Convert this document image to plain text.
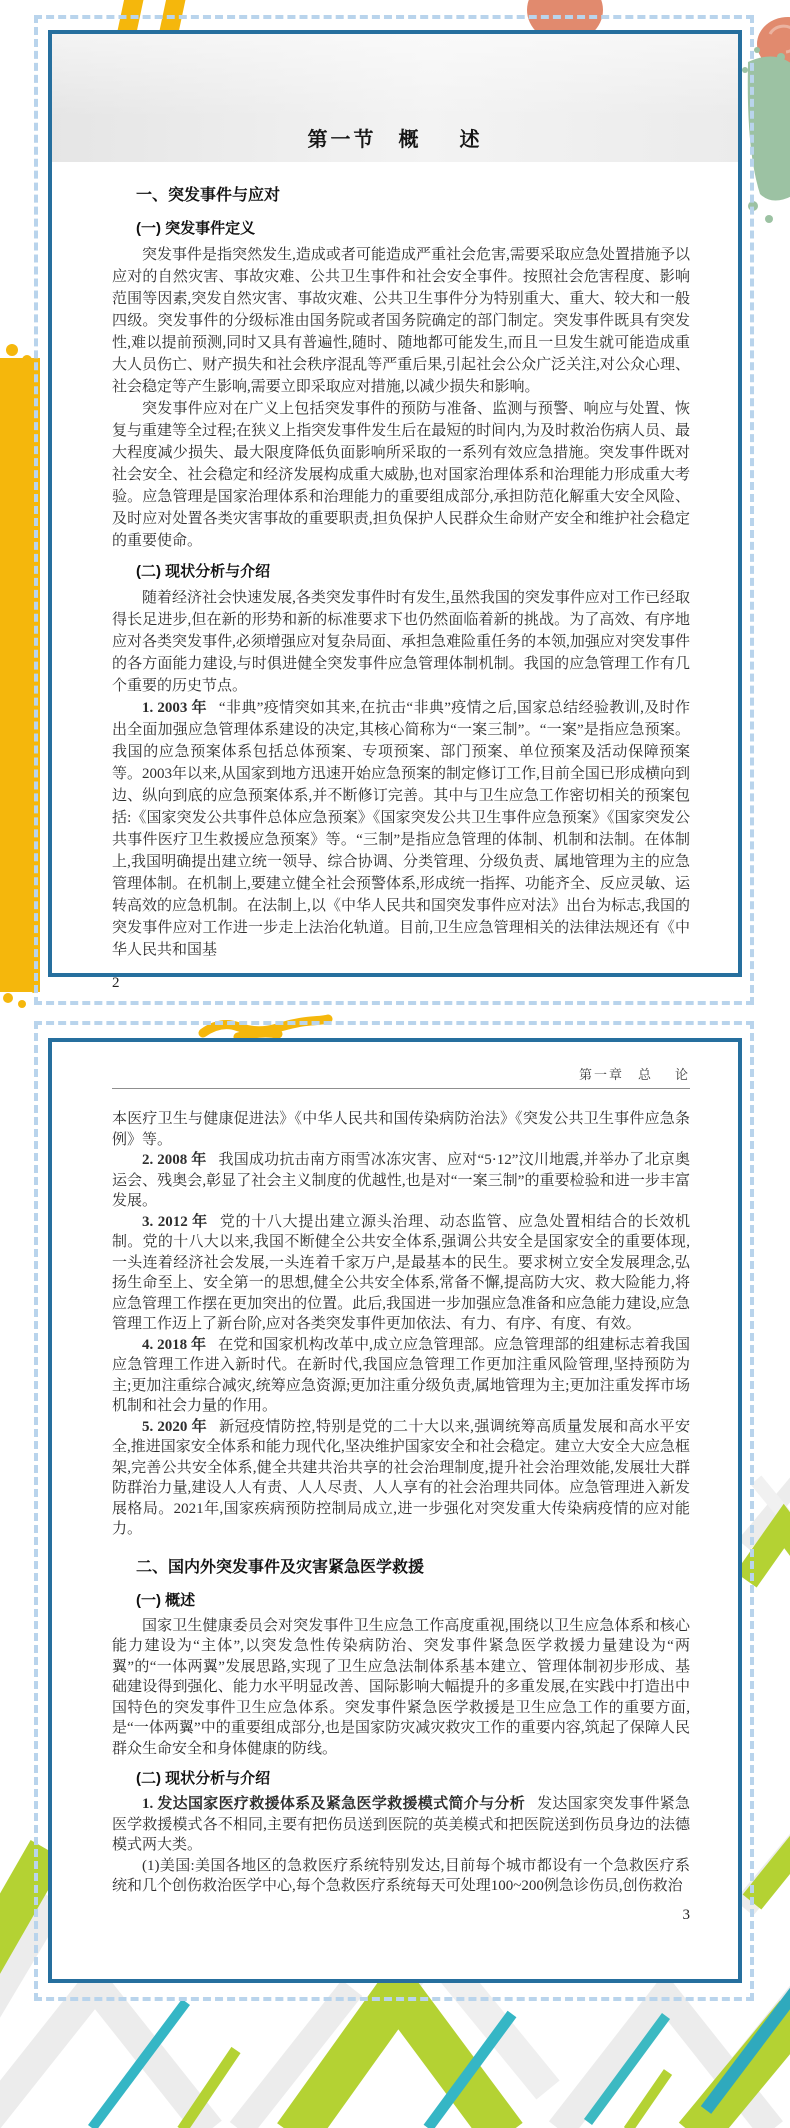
第一节 概 述
一、突发事件与应对
(一) 突发事件定义

突发事件是指突然发生,造成或者可能造成严重社会危害,需要采取应急处置措施予以应对的自然灾害、事故灾难、公共卫生事件和社会安全事件。按照社会危害程度、影响范围等因素,突发自然灾害、事故灾难、公共卫生事件分为特别重大、重大、较大和一般四级。突发事件的分级标准由国务院或者国务院确定的部门制定。突发事件既具有突发性,难以提前预测,同时又具有普遍性,随时、随地都可能发生,而且一旦发生就可能造成重大人员伤亡、财产损失和社会秩序混乱等严重后果,引起社会公众广泛关注,对公众心理、社会稳定等产生影响,需要立即采取应对措施,以减少损失和影响。

突发事件应对在广义上包括突发事件的预防与准备、监测与预警、响应与处置、恢复与重建等全过程;在狭义上指突发事件发生后在最短的时间内,为及时救治伤病人员、最大程度减少损失、最大限度降低负面影响所采取的一系列有效应急措施。突发事件既对社会安全、社会稳定和经济发展构成重大威胁,也对国家治理体系和治理能力形成重大考验。应急管理是国家治理体系和治理能力的重要组成部分,承担防范化解重大安全风险、及时应对处置各类灾害事故的重要职责,担负保护人民群众生命财产安全和维护社会稳定的重要使命。

(二) 现状分析与介绍

随着经济社会快速发展,各类突发事件时有发生,虽然我国的突发事件应对工作已经取得长足进步,但在新的形势和新的标准要求下也仍然面临着新的挑战。为了高效、有序地应对各类突发事件,必须增强应对复杂局面、承担急难险重任务的本领,加强应对突发事件的各方面能力建设,与时俱进健全突发事件应急管理体制机制。我国的应急管理工作有几个重要的历史节点。

1. 2003 年 “非典”疫情突如其来,在抗击“非典”疫情之后,国家总结经验教训,及时作出全面加强应急管理体系建设的决定,其核心简称为“一案三制”。“一案”是指应急预案。我国的应急预案体系包括总体预案、专项预案、部门预案、单位预案及活动保障预案等。2003年以来,从国家到地方迅速开始应急预案的制定修订工作,目前全国已形成横向到边、纵向到底的应急预案体系,并不断修订完善。其中与卫生应急工作密切相关的预案包括:《国家突发公共事件总体应急预案》《国家突发公共卫生事件应急预案》《国家突发公共事件医疗卫生救援应急预案》等。“三制”是指应急管理的体制、机制和法制。在体制上,我国明确提出建立统一领导、综合协调、分类管理、分级负责、属地管理为主的应急管理体制。在机制上,要建立健全社会预警体系,形成统一指挥、功能齐全、反应灵敏、运转高效的应急机制。在法制上,以《中华人民共和国突发事件应对法》出台为标志,我国的突发事件应对工作进一步走上法治化轨道。目前,卫生应急管理相关的法律法规还有《中华人民共和国基

2
第一章 总 论

本医疗卫生与健康促进法》《中华人民共和国传染病防治法》《突发公共卫生事件应急条例》等。

2. 2008 年 我国成功抗击南方雨雪冰冻灾害、应对“5·12”汶川地震,并举办了北京奥运会、残奥会,彰显了社会主义制度的优越性,也是对“一案三制”的重要检验和进一步丰富发展。

3. 2012 年 党的十八大提出建立源头治理、动态监管、应急处置相结合的长效机制。党的十八大以来,我国不断健全公共安全体系,强调公共安全是国家安全的重要体现,一头连着经济社会发展,一头连着千家万户,是最基本的民生。要求树立安全发展理念,弘扬生命至上、安全第一的思想,健全公共安全体系,常备不懈,提高防大灾、救大险能力,将应急管理工作摆在更加突出的位置。此后,我国进一步加强应急准备和应急能力建设,应急管理工作迈上了新台阶,应对各类突发事件更加依法、有力、有序、有度、有效。

4. 2018 年 在党和国家机构改革中,成立应急管理部。应急管理部的组建标志着我国应急管理工作进入新时代。在新时代,我国应急管理工作更加注重风险管理,坚持预防为主;更加注重综合减灾,统筹应急资源;更加注重分级负责,属地管理为主;更加注重发挥市场机制和社会力量的作用。

5. 2020 年 新冠疫情防控,特别是党的二十大以来,强调统筹高质量发展和高水平安全,推进国家安全体系和能力现代化,坚决维护国家安全和社会稳定。建立大安全大应急框架,完善公共安全体系,健全共建共治共享的社会治理制度,提升社会治理效能,发展壮大群防群治力量,建设人人有责、人人尽责、人人享有的社会治理共同体。应急管理进入新发展格局。2021年,国家疾病预防控制局成立,进一步强化对突发重大传染病疫情的应对能力。

二、国内外突发事件及灾害紧急医学救援
(一) 概述

国家卫生健康委员会对突发事件卫生应急工作高度重视,围绕以卫生应急体系和核心能力建设为“主体”,以突发急性传染病防治、突发事件紧急医学救援力量建设为“两翼”的“一体两翼”发展思路,实现了卫生应急法制体系基本建立、管理体制初步形成、基础建设得到强化、能力水平明显改善、国际影响大幅提升的多重发展,在实践中打造出中国特色的突发事件卫生应急体系。突发事件紧急医学救援是卫生应急工作的重要方面,是“一体两翼”中的重要组成部分,也是国家防灾减灾救灾工作的重要内容,筑起了保障人民群众生命安全和身体健康的防线。

(二) 现状分析与介绍

1. 发达国家医疗救援体系及紧急医学救援模式简介与分析 发达国家突发事件紧急医学救援模式各不相同,主要有把伤员送到医院的英美模式和把医院送到伤员身边的法德模式两大类。

(1)美国:美国各地区的急救医疗系统特别发达,目前每个城市都设有一个急救医疗系统和几个创伤救治医学中心,每个急救医疗系统每天可处理100~200例急诊伤员,创伤救治

3
